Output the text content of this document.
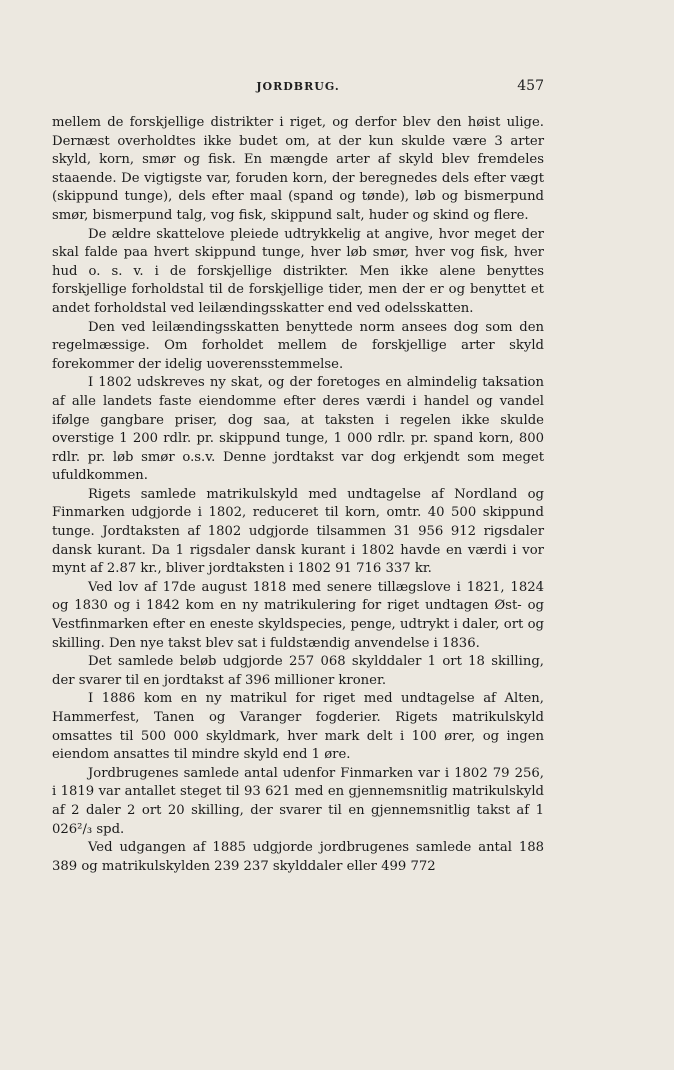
JORDBRUG.	457

mellem de forskjellige distrikter i riget, og derfor blev den høist ulige. Dernæst overholdtes ikke budet om, at der kun skulde være 3 arter skyld, korn, smør og fisk. En mængde arter af skyld blev fremdeles staaende. De vigtigste var, foruden korn, der beregnedes dels efter vægt (skippund tunge), dels efter maal (spand og tønde), løb og bismerpund smør, bismerpund talg, vog fisk, skippund salt, huder og skind og flere.

De ældre skattelove pleiede udtrykkelig at angive, hvor meget der skal falde paa hvert skippund tunge, hver løb smør, hver vog fisk, hver hud o. s. v. i de forskjellige distrikter. Men ikke alene benyttes forskjellige forholdstal til de forskjellige tider, men der er og benyttet et andet forholdstal ved leilændingsskatter end ved odelsskatten.

Den ved leilændingsskatten benyttede norm ansees dog som den regelmæssige. Om forholdet mellem de forskjellige arter skyld forekommer der idelig uoverensstemmelse.

I 1802 udskreves ny skat, og der foretoges en almindelig taksation af alle landets faste eiendomme efter deres værdi i handel og vandel ifølge gangbare priser, dog saa, at taksten i regelen ikke skulde overstige 1 200 rdlr. pr. skippund tunge, 1 000 rdlr. pr. spand korn, 800 rdlr. pr. løb smør o.s.v. Denne jordtakst var dog erkjendt som meget ufuldkommen.

Rigets samlede matrikulskyld med undtagelse af Nordland og Finmarken udgjorde i 1802, reduceret til korn, omtr. 40 500 skippund tunge. Jordtaksten af 1802 udgjorde tilsammen 31 956 912 rigsdaler dansk kurant. Da 1 rigsdaler dansk kurant i 1802 havde en værdi i vor mynt af 2.87 kr., bliver jordtaksten i 1802 91 716 337 kr.

Ved lov af 17de august 1818 med senere tillægslove i 1821, 1824 og 1830 og i 1842 kom en ny matrikulering for riget undtagen Øst- og Vestfinmarken efter en eneste skyldspecies, penge, udtrykt i daler, ort og skilling. Den nye takst blev sat i fuldstændig anvendelse i 1836.

Det samlede beløb udgjorde 257 068 skylddaler 1 ort 18 skilling, der svarer til en jordtakst af 396 millioner kroner.

I 1886 kom en ny matrikul for riget med undtagelse af Alten, Hammerfest, Tanen og Varanger fogderier. Rigets matrikulskyld omsattes til 500 000 skyldmark, hver mark delt i 100 ører, og ingen eiendom ansattes til mindre skyld end 1 øre.

Jordbrugenes samlede antal udenfor Finmarken var i 1802 79 256, i 1819 var antallet steget til 93 621 med en gjennemsnitlig matrikulskyld af 2 daler 2 ort 20 skilling, der svarer til en gjennemsnitlig takst af 1 026²/₃ spd.

Ved udgangen af 1885 udgjorde jordbrugenes samlede antal 188 389 og matrikulskylden 239 237 skylddaler eller 499 772
